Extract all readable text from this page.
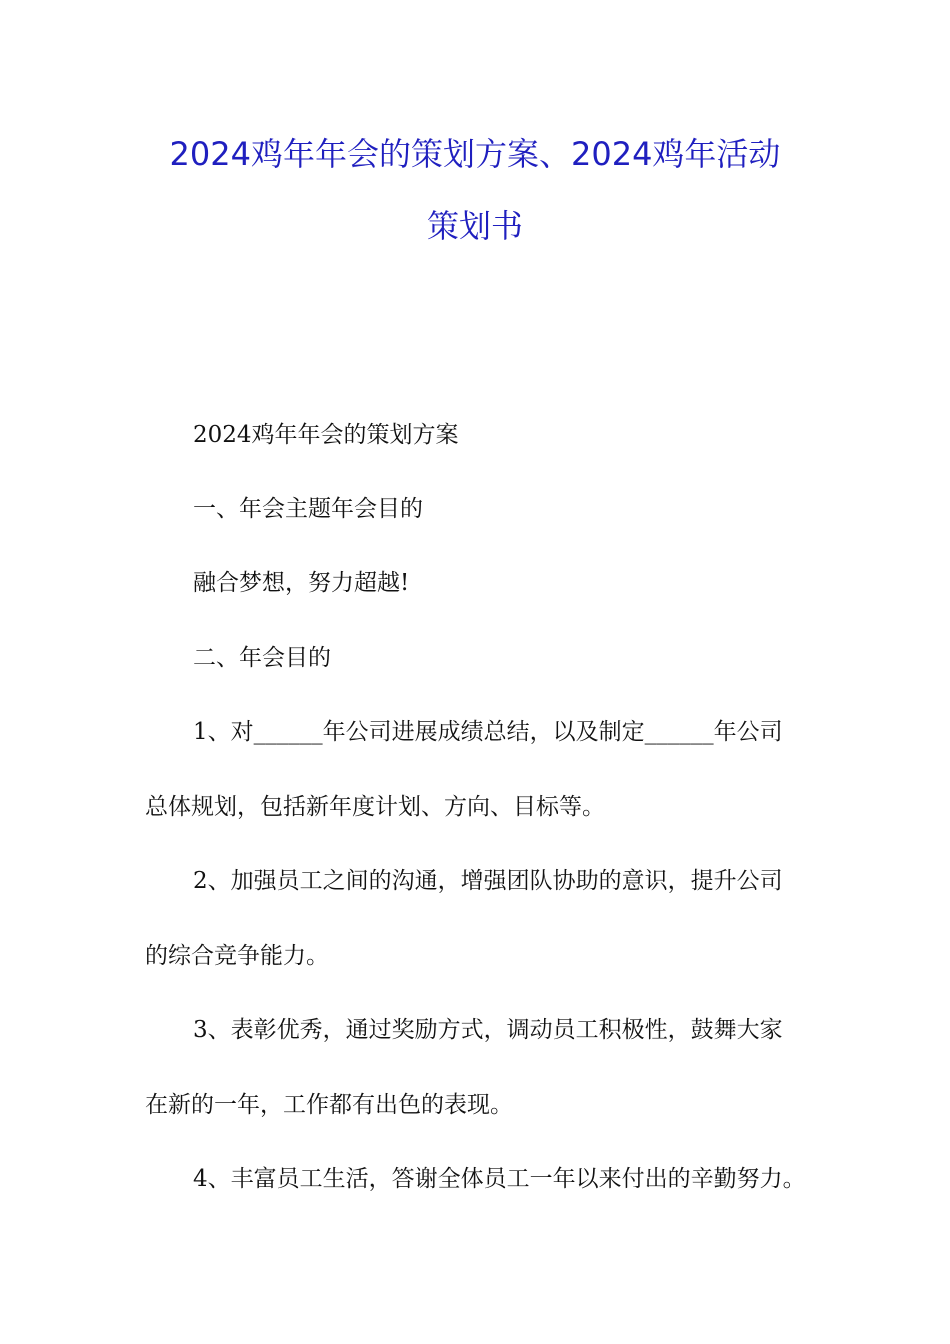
2024鸡年年会的策划方案、2024鸡年活动
策划书
2024鸡年年会的策划方案
一、年会主题年会目的
融合梦想，努力超越!
二、年会目的
1、对______年公司进展成绩总结，以及制定______年公司
总体规划，包括新年度计划、方向、目标等。
2、加强员工之间的沟通，增强团队协助的意识，提升公司
的综合竞争能力。
3、表彰优秀，通过奖励方式，调动员工积极性，鼓舞大家
在新的一年，工作都有出色的表现。
4、丰富员工生活，答谢全体员工一年以来付出的辛勤努力。
